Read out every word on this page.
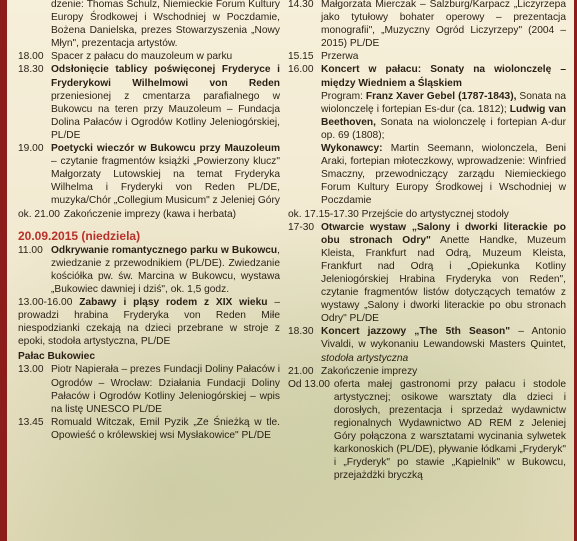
dzenie: Thomas Schulz, Niemieckie Forum Kultury Europy Środkowej i Wschodniej w Poczdamie, Bożena Danielska, prezes Stowarzyszenia „Nowy Młyn", prezentacja artystów.
18.00 Spacer z pałacu do mauzoleum w parku
18.30 Odsłonięcie tablicy poświęconej Fryderyce i Fryderykowi Wilhelmowi von Reden przeniesionej z cmentarza parafialnego w Bukowcu na teren przy Mauzoleum – Fundacja Dolina Pałaców i Ogrodów Kotliny Jeleniogórskiej, PL/DE
19.00 Poetycki wieczór w Bukowcu przy Mauzoleum – czytanie fragmentów książki „Powierzony klucz" Małgorzaty Lutowskiej na temat Fryderyka Wilhelma i Fryderyki von Reden PL/DE, muzyka/Chór „Collegium Musicum" z Jeleniej Góry
ok. 21.00 Zakończenie imprezy (kawa i herbata)
20.09.2015 (niedziela)
11.00 Odkrywanie romantycznego parku w Bukowcu, zwiedzanie z przewodnikiem (PL/DE). Zwiedzanie kościółka pw. św. Marcina w Bukowcu, wystawa „Bukowiec dawniej i dziś", ok. 1,5 godz.
13.00-16.00 Zabawy i pląsy rodem z XIX wieku – prowadzi hrabina Fryderyka von Reden Miłe niespodzianki czekają na dzieci przebrane w stroje z epoki, stodoła artystyczna, PL/DE
Pałac Bukowiec
13.00 Piotr Napierała – prezes Fundacji Doliny Pałaców i Ogrodów – Wrocław: Działania Fundacji Doliny Pałaców i Ogrodów Kotliny Jeleniogórskiej – wpis na listę UNESCO PL/DE
13.45 Romuald Witczak, Emil Pyzik „Ze Śnieżką w tle. Opowieść o królewskiej wsi Mysłakowice" PL/DE
14.30 Małgorzata Mierczak – Salzburg/Karpacz „Liczyrzepa jako tytułowy bohater operowy – prezentacja monografii", „Muzyczny Ogród Liczyrzepy" (2004 – 2015) PL/DE
15.15 Przerwa
16.00 Koncert w pałacu: Sonaty na wiolonczelę – między Wiedniem a Śląskiem
Program: Franz Xaver Gebel (1787-1843), Sonata na wiolonczelę i fortepian Es-dur (ca. 1812); Ludwig van Beethoven, Sonata na wiolonczelę i fortepian A-dur op. 69 (1808);
Wykonawcy: Martin Seemann, wiolonczela, Beni Araki, fortepian młoteczkowy, wprowadzenie: Winfried Smaczny, przewodniczący zarządu Niemieckiego Forum Kultury Europy Środkowej i Wschodniej w Poczdamie
ok. 17.15-17.30 Przejście do artystycznej stodoły
17-30 Otwarcie wystaw „Salony i dworki literackie po obu stronach Odry" Anette Handke, Muzeum Kleista, Frankfurt nad Odrą, Muzeum Kleista, Frankfurt nad Odrą i „Opiekunka Kotliny Jeleniogórskiej Hrabina Fryderyka von Reden", czytanie fragmentów listów dotyczących tematów z wystawy „Salony i dworki literackie po obu stronach Odry" PL/DE
18.30 Koncert jazzowy „The 5th Season" – Antonio Vivaldi, w wykonaniu Lewandowski Masters Quintet, stodoła artystyczna
21.00 Zakończenie imprezy
Od 13.00 oferta małej gastronomi przy pałacu i stodole artystycznej; osikowe warsztaty dla dzieci i dorosłych, prezentacja i sprzedaż wydawnictw regionalnych Wydawnictwo AD REM z Jeleniej Góry połączona z warsztatami wycinania sylwetek karkonoskich (PL/DE), pływanie łódkami „Fryderyk" i „Fryderyk" po stawie „Kąpielnik" w Bukowcu, przejażdżki bryczką
